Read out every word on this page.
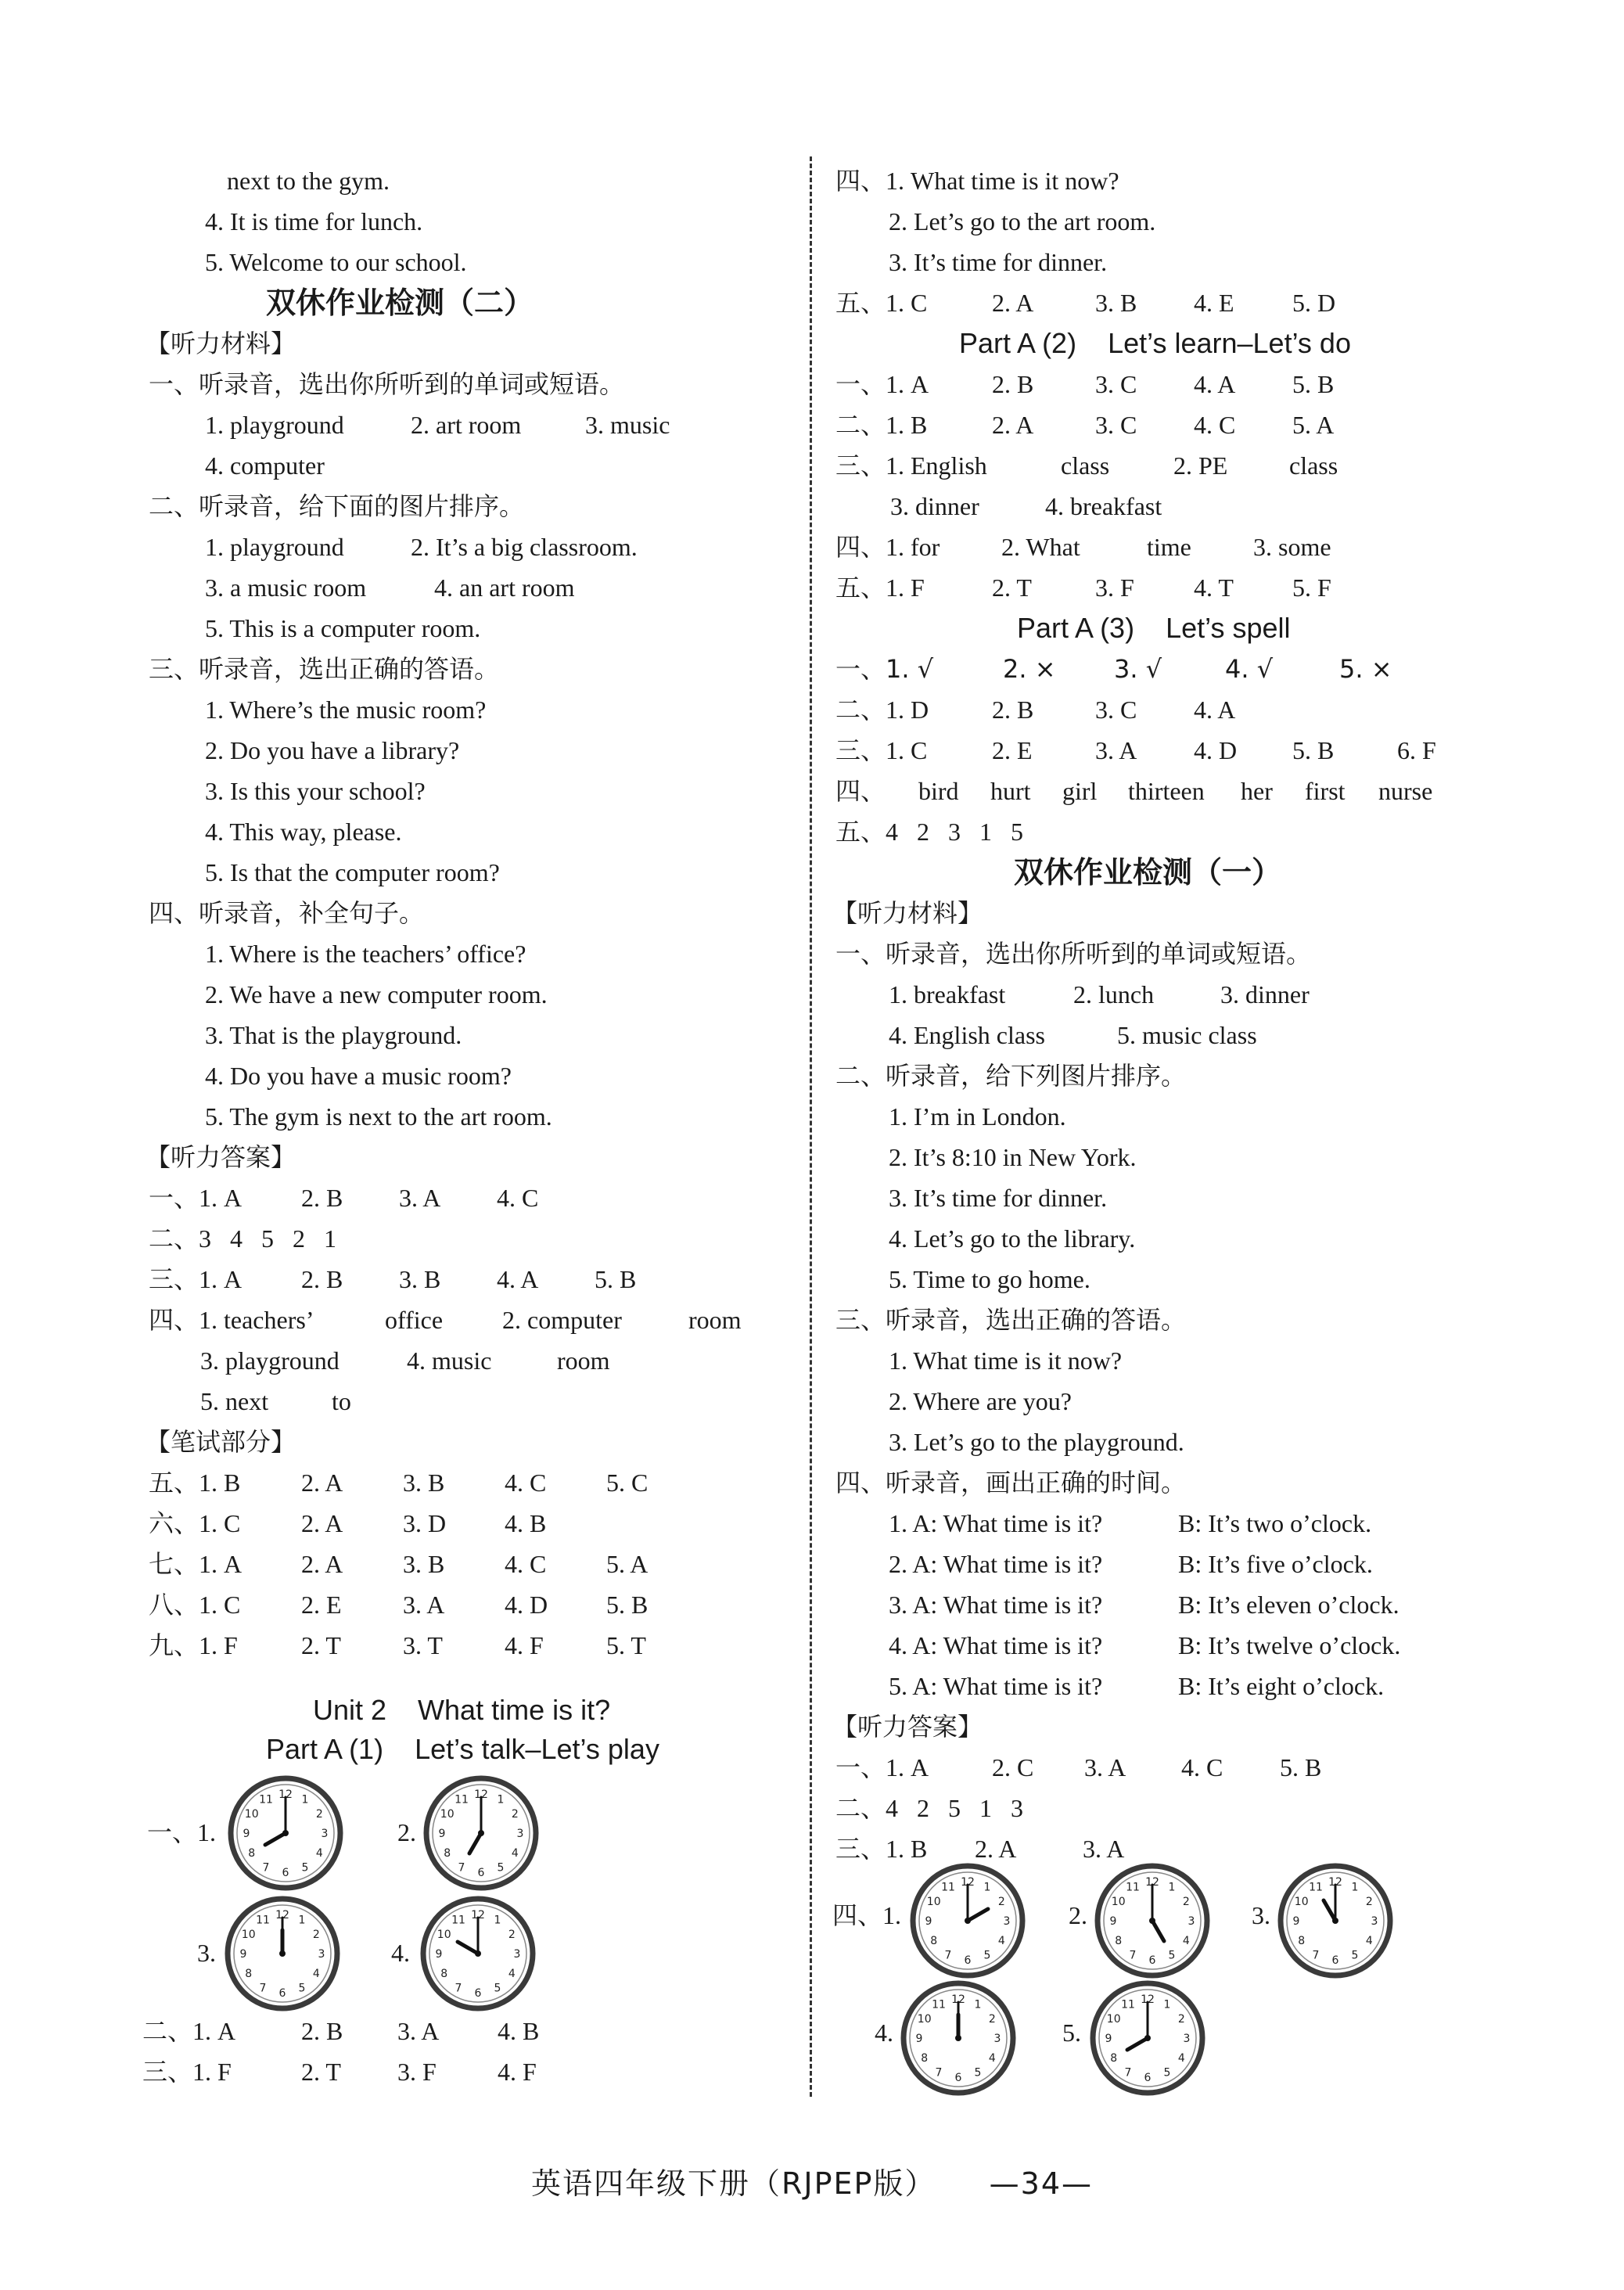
next to the gym.
4. It is time for lunch.
5. Welcome to our school.
双休作业检测（二）
【听力材料】
一、听录音，选出你所听到的单词或短语。
1. playground	2. art room	3. music
4. computer
二、听录音，给下面的图片排序。
1. playground	2. It’s a big classroom.
3. a music room	4. an art room
5. This is a computer room.
三、听录音，选出正确的答语。
1. Where’s the music room?
2. Do you have a library?
3. Is this your school?
4. This way, please.
5. Is that the computer room?
四、听录音，补全句子。
1. Where is the teachers’ office?
2. We have a new computer room.
3. That is the playground.
4. Do you have a music room?
5. The gym is next to the art room.
【听力答案】
一、1. A 2. B 3. A 4. C
二、3   4   5   2   1
三、1. A 2. B 3. B 4. A 5. B
四、1. teachers’	office 2. computer	room
3. playground	4. music	room
5. next	to
【笔试部分】
五、1. B 2. A 3. B 4. C 5. C
六、1. C 2. A 3. D 4. B
七、1. A 2. A 3. B 4. C 5. A
八、1. C 2. E 3. A 4. D 5. B
九、1. F	2. T 3. T 4. F	5. T
Unit 2    What time is it?
Part A (1)    Let’s talk–Let’s play
一、1.	2.
3.	4.
1
2
3
4
5
6
7
8
9
10
11 12	1
2
3
4
5
6
7
8
9
10
11 12
1
2
3
4
5
6
7
8
9
10
11 12	1
2
3
4
5
6
7
8
9
10
11 12
二、1. A	2. B 3. A 4. B
三、1. F	2. T 3. F 4. F
四、1. What time is it now?
2. Let’s go to the art room.
3. It’s time for dinner.
五、1. C	2. A 3. B 4. E 5. D
Part A (2)    Let’s learn–Let’s do
一、1. A	2. B 3. C 4. A 5. B
二、1. B	2. A 3. C 4. C 5. A
三、1. English	class	2. PE class
3. dinner	4. breakfast
四、1. for 2. What	time 3. some
五、1. F	2. T	3. F 4. T 5. F
Part A (3)    Let’s spell
一、1. √	2. × 3. √	4. √	5. ×
二、1. D	2. B 3. C 4. A
三、1. C	2. E	3. A 4. D 5. B	6. F
四、 bird hurt girl thirteen her first nurse
五、4   2   3   1   5
双休作业检测（一）
【听力材料】
一、听录音，选出你所听到的单词或短语。
1. breakfast	2. lunch	3. dinner
4. English class	5. music class
二、听录音，给下列图片排序。
1. I’m in London.
2. It’s 8:10 in New York.
3. It’s time for dinner.
4. Let’s go to the library.
5. Time to go home.
三、听录音，选出正确的答语。
1. What time is it now?
2. Where are you?
3. Let’s go to the playground.
四、听录音，画出正确的时间。
1. A: What time is it?	B: It’s two o’clock.
2. A: What time is it?	B: It’s five o’clock.
3. A: What time is it?	B: It’s eleven o’clock.
4. A: What time is it?	B: It’s twelve o’clock.
5. A: What time is it?	B: It’s eight o’clock.
【听力答案】
一、1. A	2. C 3. A 4. C 5. B
二、4   2   5   1   3
三、1. B 2. A	3. A
四、1.	2.	3.
4.	5.
1
2
3
4
5
6
7
8
9
10
11 12	1
2
3
4
5
6
7
8
9
10
11 12	1
2
3
4
5
6
7
8
9
10
11 12
1
2
3
4
5
6
7
8
9
10
11 12	1
2
3
4
5
6
7
8
9
10
11 12
英语四年级下册（RJPEP版） —34—
